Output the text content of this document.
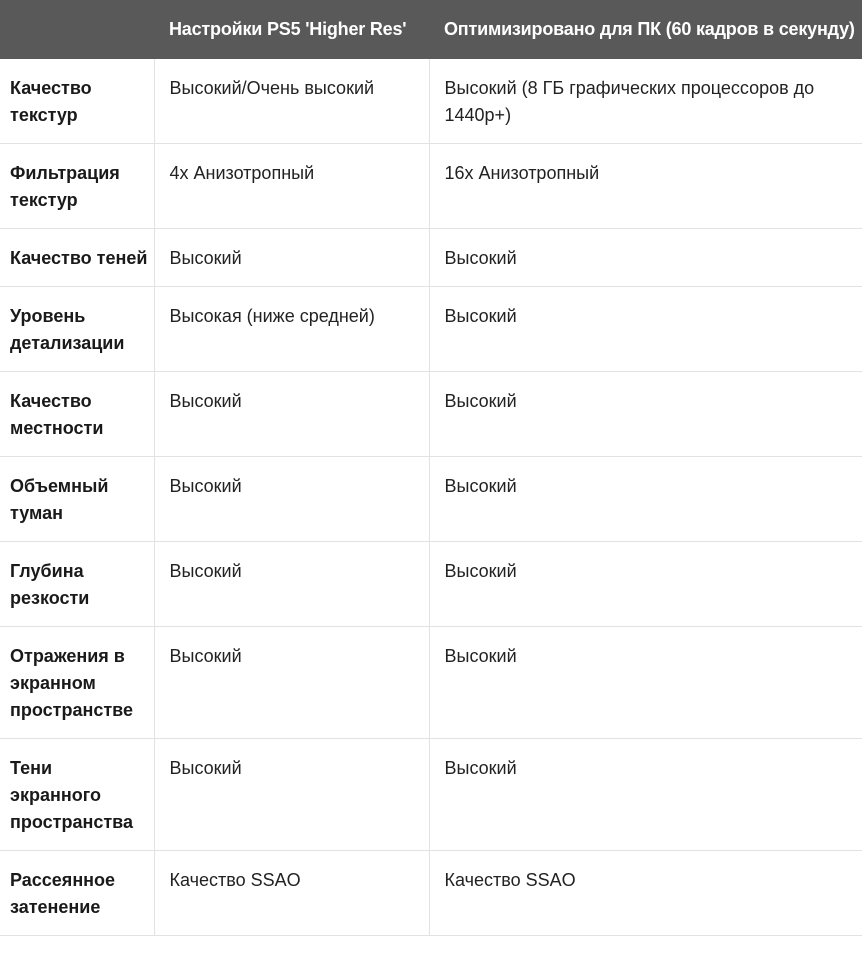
	Настройки PS5 'Higher Res'	Оптимизировано для ПК (60 кадров в секунду)
Качество текстур	Высокий/Очень высокий	Высокий (8 ГБ графических процессоров до 1440p+)
Фильтрация текстур	4x Анизотропный	16x Анизотропный
Качество теней	Высокий	Высокий
Уровень детализации	Высокая (ниже средней)	Высокий
Качество местности	Высокий	Высокий
Объемный туман	Высокий	Высокий
Глубина резкости	Высокий	Высокий
Отражения в экранном пространстве	Высокий	Высокий
Тени экранного пространства	Высокий	Высокий
Рассеянное затенение	Качество SSAO	Качество SSAO
